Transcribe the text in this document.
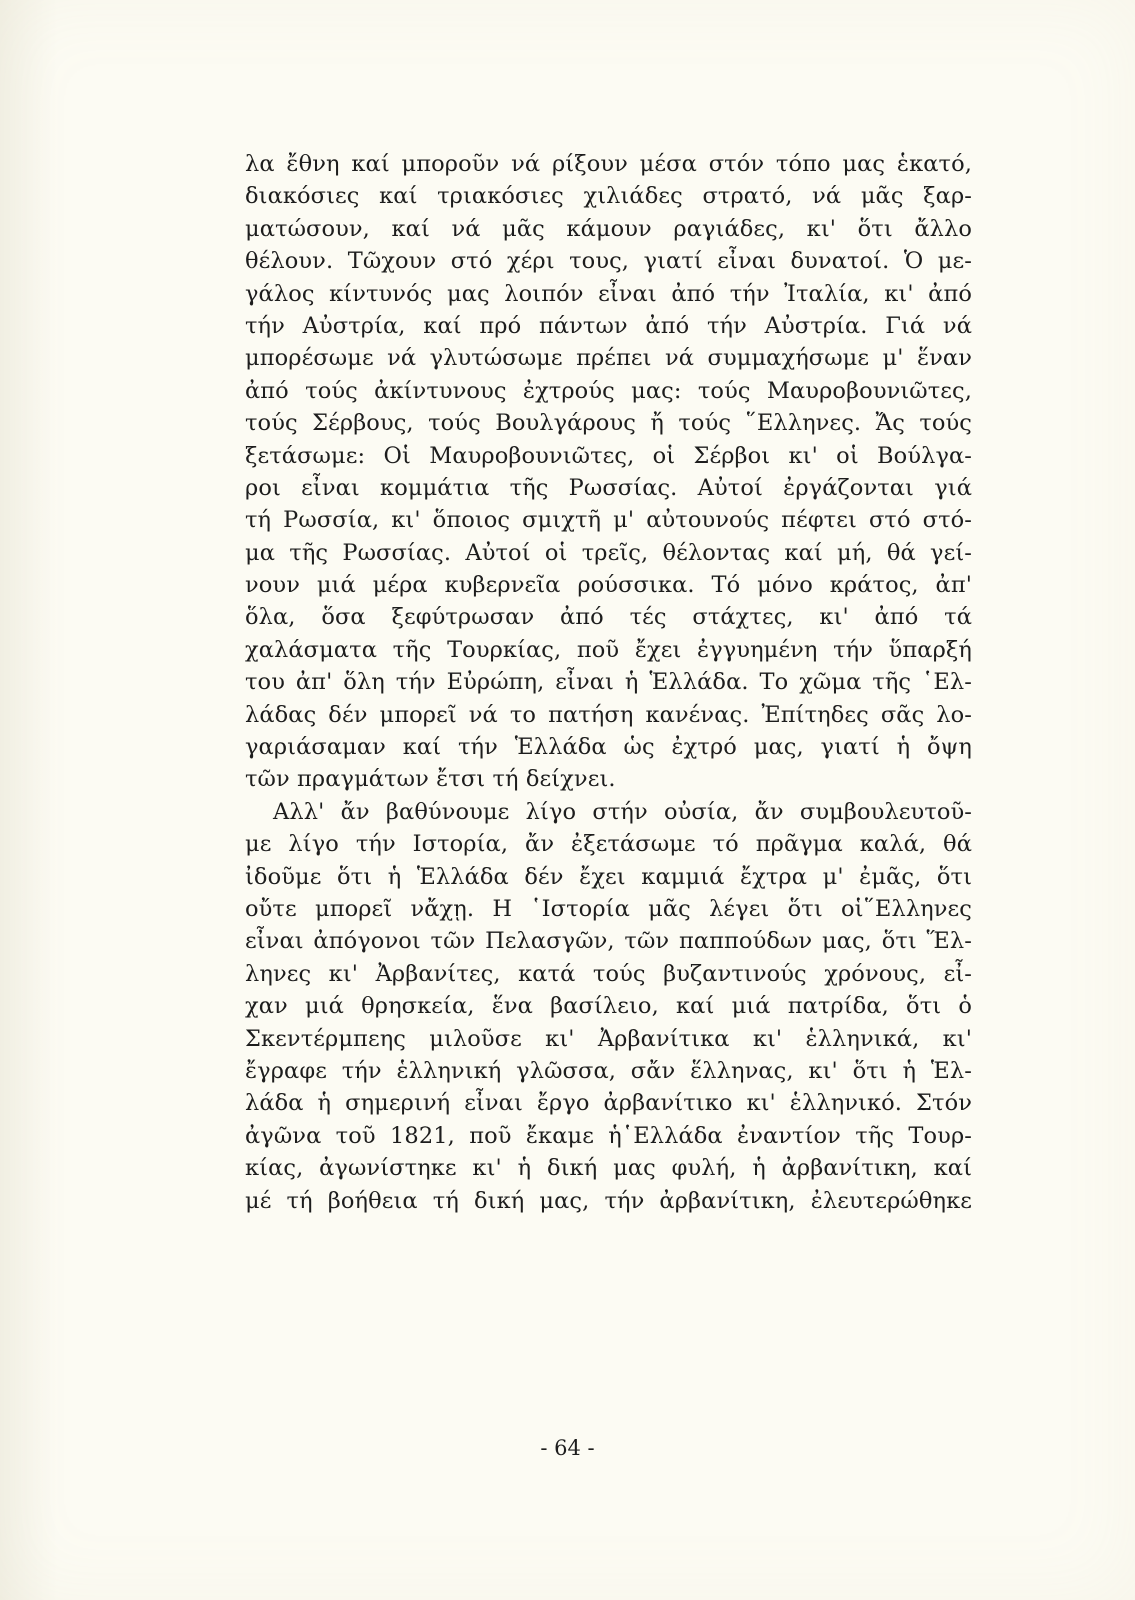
λα ἔθνη καί μποροῦν νά ρίξουν μέσα στόν τόπο μας ἑκατό,
διακόσιες καί τριακόσιες χιλιάδες στρατό, νά μᾶς ξαρ-
ματώσουν, καί νά μᾶς κάμουν ραγιάδες, κι' ὅτι ἄλλο
θέλουν. Τῶχουν στό χέρι τους, γιατί εἶναι δυνατοί. Ὁ με-
γάλος κίντυνός μας λοιπόν εἶναι ἀπό τήν Ἰταλία, κι' ἀπό
τήν Αὐστρία, καί πρό πάντων ἀπό τήν Αὐστρία. Γιά νά
μπορέσωμε νά γλυτώσωμε πρέπει νά συμμαχήσωμε μ' ἕναν
ἀπό τούς ἀκίντυνους ἐχτρούς μας: τούς Μαυροβουνιῶτες,
τούς Σέρβους, τούς Βουλγάρους ἤ τούς ῞Ελληνες. Ἄς τούς
ξετάσωμε: Οἱ Μαυροβουνιῶτες, οἱ Σέρβοι κι' οἱ Βούλγα-
ροι εἶναι κομμάτια τῆς Ρωσσίας. Αὐτοί ἐργάζονται γιά
τή Ρωσσία, κι' ὅποιος σμιχτῆ μ' αὐτουνούς πέφτει στό στό-
μα τῆς Ρωσσίας. Αὐτοί οἱ τρεῖς, θέλοντας καί μή, θά γεί-
νουν μιά μέρα κυβερνεῖα ρούσσικα. Τό μόνο κράτος, ἀπ'
ὅλα, ὅσα ξεφύτρωσαν ἀπό τές στάχτες, κι' ἀπό τά
χαλάσματα τῆς Τουρκίας, ποῦ ἔχει ἐγγυημένη τήν ὕπαρξή
του ἀπ' ὅλη τήν Εὐρώπη, εἶναι ἡ Ἑλλάδα. Το χῶμα τῆς ῾Ελ-
λάδας δέν μπορεῖ νά το πατήση κανένας. Ἐπίτηδες σᾶς λο-
γαριάσαμαν καί τήν Ἑλλάδα ὡς ἐχτρό μας, γιατί ἡ ὄψη
τῶν πραγμάτων ἔτσι τή δείχνει.
Αλλ' ἄν βαθύνουμε λίγο στήν οὐσία, ἄν συμβουλευτοῦ-
με λίγο τήν Ιστορία, ἄν ἐξετάσωμε τό πρᾶγμα καλά, θά
ἰδοῦμε ὅτι ἡ Ἑλλάδα δέν ἔχει καμμιά ἔχτρα μ' ἐμᾶς, ὅτι
οὔτε μπορεῖ νἄχῃ. Η ῾Ιστορία μᾶς λέγει ὅτι οἱ῞Ελληνες
εἶναι ἀπόγονοι τῶν Πελασγῶν, τῶν παππούδων μας, ὅτι Ἕλ-
ληνες κι' Ἀρβανίτες, κατά τούς βυζαντινούς χρόνους, εἶ-
χαν μιά θρησκεία, ἕνα βασίλειο, καί μιά πατρίδα, ὅτι ὁ
Σκεντέρμπεης μιλοῦσε κι' Ἀρβανίτικα κι' ἑλληνικά, κι'
ἔγραφε τήν ἑλληνική γλῶσσα, σἄν ἕλληνας, κι' ὅτι ἡ Ἑλ-
λάδα ἡ σημερινή εἶναι ἔργο ἀρβανίτικο κι' ἑλληνικό. Στόν
ἀγῶνα τοῦ 1821, ποῦ ἔκαμε ἡ῾Ελλάδα ἐναντίον τῆς Τουρ-
κίας, ἀγωνίστηκε κι' ἡ δική μας φυλή, ἡ ἀρβανίτικη, καί
μέ τή βοήθεια τή δική μας, τήν ἀρβανίτικη, ἐλευτερώθηκε
- 64 -
